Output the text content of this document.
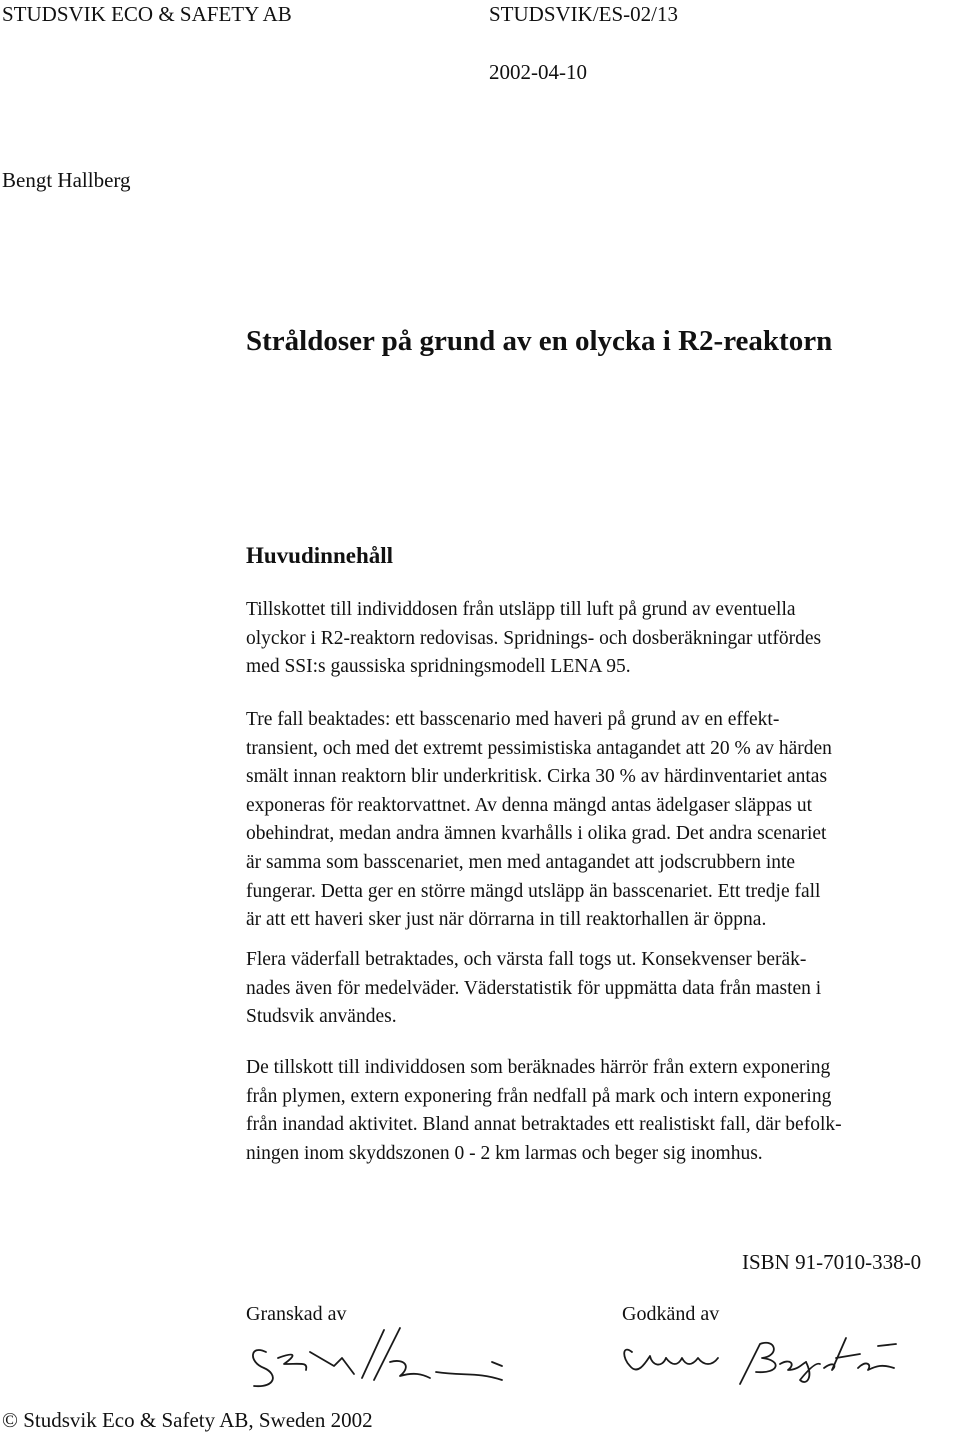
STUDSVIK ECO & SAFETY AB	STUDSVIK/ES-02/13
2002-04-10
Bengt Hallberg
Stråldoser på grund av en olycka i R2-reaktorn
Huvudinnehåll
Tillskottet till individdosen från utsläpp till luft på grund av eventuella
olyckor i R2-reaktorn redovisas. Spridnings- och dosberäkningar utfördes
med SSI:s gaussiska spridningsmodell LENA 95.
Tre fall beaktades: ett basscenario med haveri på grund av en effekt-
transient, och med det extremt pessimistiska antagandet att 20 % av härden
smält innan reaktorn blir underkritisk. Cirka 30 % av härdinventariet antas
exponeras för reaktorvattnet. Av denna mängd antas ädelgaser släppas ut
obehindrat, medan andra ämnen kvarhålls i olika grad. Det andra scenariet
är samma som basscenariet, men med antagandet att jodscrubbern inte
fungerar. Detta ger en större mängd utsläpp än basscenariet. Ett tredje fall
är att ett haveri sker just när dörrarna in till reaktorhallen är öppna.
Flera väderfall betraktades, och värsta fall togs ut. Konsekvenser beräk-
nades även för medelväder. Väderstatistik för uppmätta data från masten i
Studsvik användes.
De tillskott till individdosen som beräknades härrör från extern exponering
från plymen, extern exponering från nedfall på mark och intern exponering
från inandad aktivitet. Bland annat betraktades ett realistiskt fall, där befolk-
ningen inom skyddszonen 0 - 2 km larmas och beger sig inomhus.
ISBN 91-7010-338-0
Granskad av	Godkänd av
© Studsvik Eco & Safety AB, Sweden 2002
